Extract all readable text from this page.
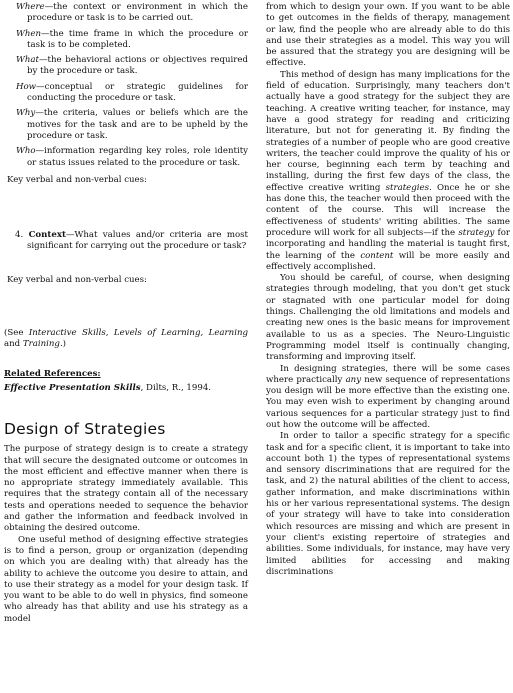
Where—the context or environment in which the procedure or task is to be carried out.

When—the time frame in which the procedure or task is to be completed.

What—the behavioral actions or objectives required by the procedure or task.

How—conceptual or strategic guidelines for conducting the procedure or task.

Why—the criteria, values or beliefs which are the motives for the task and are to be upheld by the procedure or task.

Who—information regarding key roles, role identity or status issues related to the procedure or task.

Key verbal and non-verbal cues:

4. Context—What values and/or criteria are most significant for carrying out the procedure or task?

Key verbal and non-verbal cues:

(See Interactive Skills, Levels of Learning, Learning and Training.)

Related References:

Effective Presentation Skills, Dilts, R., 1994.

Design of Strategies

The purpose of strategy design is to create a strategy that will secure the designated outcome or outcomes in the most efficient and effective manner when there is no appropriate strategy immediately available. This requires that the strategy contain all of the necessary tests and operations needed to sequence the behavior and gather the information and feedback involved in obtaining the desired outcome.

One useful method of designing effective strategies is to find a person, group or organization (depending on which you are dealing with) that already has the ability to achieve the outcome you desire to attain, and to use their strategy as a model for your design task. If you want to be able to do well in physics, find someone who already has that ability and use his strategy as a model

from which to design your own. If you want to be able to get outcomes in the fields of therapy, management or law, find the people who are already able to do this and use their strategies as a model. This way you will be assured that the strategy you are designing will be effective.

This method of design has many implications for the field of education. Surprisingly, many teachers don't actually have a good strategy for the subject they are teaching. A creative writing teacher, for instance, may have a good strategy for reading and criticizing literature, but not for generating it. By finding the strategies of a number of people who are good creative writers, the teacher could improve the quality of his or her course, beginning each term by teaching and installing, during the first few days of the class, the effective creative writing strategies. Once he or she has done this, the teacher would then proceed with the content of the course. This will increase the effectiveness of students' writing abilities. The same procedure will work for all subjects—if the strategy for incorporating and handling the material is taught first, the learning of the content will be more easily and effectively accomplished.

You should be careful, of course, when designing strategies through modeling, that you don't get stuck or stagnated with one particular model for doing things. Challenging the old limitations and models and creating new ones is the basic means for improvement available to us as a species. The Neuro-Linguistic Programming model itself is continually changing, transforming and improving itself.

In designing strategies, there will be some cases where practically any new sequence of representations you design will be more effective than the existing one. You may even wish to experiment by changing around various sequences for a particular strategy just to find out how the outcome will be affected.

In order to tailor a specific strategy for a specific task and for a specific client, it is important to take into account both 1) the types of representational systems and sensory discriminations that are required for the task, and 2) the natural abilities of the client to access, gather information, and make discriminations within his or her various representational systems. The design of your strategy will have to take into consideration which resources are missing and which are present in your client's existing repertoire of strategies and abilities. Some individuals, for instance, may have very limited abilities for accessing and making discriminations
